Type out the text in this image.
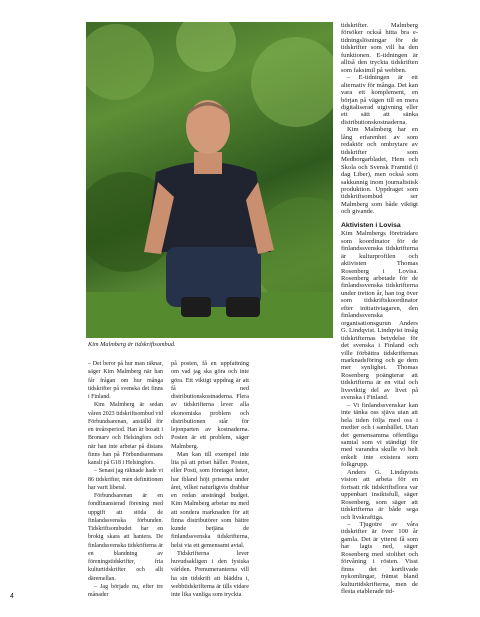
Kim Malmberg är tidskriftsombud.

– Det beror på hur man räknar, säger Kim Malmberg när han får frågan om hur många tidskrifter på svenska det finns i Finland.

Kim Malmberg är sedan våren 2023 tidskriftsombud vid Förbundsarenan, anställd för en treårsperiod. Han är bosatt i Bromarv och Helsingfors och när han inte arbetar på distans finns han på Förbundsarenans kansli på G18 i Helsingfors.

– Senast jag räknade hade vi 86 tidskrifter, men definitionen har varit liberal.

Förbundsarenan är en fondfinansierad förening med uppgift att stöda de finlandssvenska förbunden. Tidskriftsombudet har en brokig skara att hantera. De finlandssvenska tidskrifterna är en blandning av föreningstidskrifter, fria kulturtidskrifter och allt däremellan.

– Jag började nu, efter tre månader

på posten, få en uppfattning om vad jag ska göra och inte göra. Ett viktigt uppdrag är att få ned distributionskostnaderna. Flera av tidskrifterna lever alla ekonomiska problem och distributionen står för lejonparten av kostnaderna. Posten är ett problem, säger Malmberg.

Man kan till exempel inte lita på att priset håller. Posten, eller Posti, som företaget heter, har ibland höjt priserna under året, vilket naturligtvis drabbar en redan ansträngd budget. Kim Malmberg arbetar nu med att sondera marknaden för att finna distributörer som bättre kunde betjäna de finlandssvenska tidskrifterna, helst via ett gemensamt avtal.

Tidskrifterna lever huvudsakligen i den fysiska världen. Prenumeranterna vill ha sin tidskrift att bläddra i, webbtidskrifterna är tills vidare inte lika vanliga som tryckta

tidskrifter. Malmberg försöker också hitta bra e-tidningslösningar för de tidskrifter som vill ha den funktionen. E-tidningen är alltså den tryckta tidskriften som faksimil på webben.

– E-tidningen är ett alternativ för många. Det kan vara ett komplement, en början på vägen till en mera digitaliserad utgivning eller ett sätt att sänka distributionskostnaderna.

Kim Malmberg har en lång erfarenhet av som redaktör och ombrytare av tidskrifter som Medborgarbladet, Hem och Skola och Svensk Framtid (i dag Liber), men också som sakkunnig inom journalistisk produktion. Uppdraget som tidskriftsombud ser Malmberg som både viktigt och givande.

Aktivisten i Lovisa

Kim Malmbergs företrädare som koordinator för de finlandssvenska tidskrifterna är kulturprofilen och aktivisten Thomas Rosenberg i Lovisa. Rosenberg arbetade för de finlandssvenska tidskrifterna under tretton år, han tog över som tidskriftskoordinator efter initiativtagaren, den finlandssvenska organisationsgurun Anders G. Lindqvist. Lindqvist insåg tidskrifternas betydelse för det svenska i Finland och ville förbättra tidskrifternas marknadsföring och ge dem mer synlighet. Thomas Rosenberg poängterar att tidskrifterna är en vital och livsviktig del av livet på svenska i Finland.

– Vi finlandssvenskar kan inte tänka oss sjäva utan att hela tiden följa med oss i medier och i samhället. Utan det gemensamma offentliga samtal som vi ständigt för med varandra skulle vi helt enkelt inte existera som folkgrupp.

Anders G. Lindqvists vision att arbeta för en fortsatt rik tidskriftsflora var uppenbart insiktsfull, säger Rosenberg, som säger att tidskrifterna är både sega och livskraftiga.

– Tjugotre av våra tidskrifter är över 100 år gamla. Det är ytterst få som har lagts ned, säger Rosenberg med stolthet och förvåning i rösten. Visst finns det kortlivade nykomlingar, främst bland kulturtidskrifterna, men de flesta etablerade tid-

4
